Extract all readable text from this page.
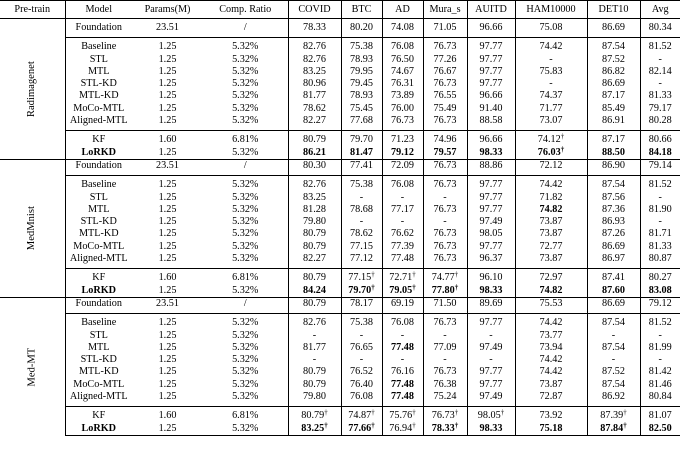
Pre-train	Model	Params(M)	Comp. Ratio	COVID	BTC	AD	Mura_s	AUITD	HAM10000	DET10	Avg
Radimagenet	Foundation	23.51	/	78.33	80.20	74.08	71.05	96.66	75.08	86.69	80.34
	Baseline	1.25	5.32%	82.76	75.38	76.08	76.73	97.77	74.42	87.54	81.52
	STL	1.25	5.32%	82.76	78.93	76.50	77.26	97.77	-	87.52	-
	MTL	1.25	5.32%	83.25	79.95	74.67	76.67	97.77	75.83	86.82	82.14
	STL-KD	1.25	5.32%	80.96	79.45	76.31	76.73	97.77	-	86.69	-
	MTL-KD	1.25	5.32%	81.77	78.93	73.89	76.55	96.66	74.37	87.17	81.33
	MoCo-MTL	1.25	5.32%	78.62	75.45	76.00	75.49	91.40	71.77	85.49	79.17
	Aligned-MTL	1.25	5.32%	82.27	77.68	76.73	76.73	88.58	73.07	86.91	80.28
	KF	1.60	6.81%	80.79	79.70	71.23	74.96	96.66	74.12†	87.17	80.66
	LoRKD	1.25	5.32%	86.21	81.47	79.12	79.57	98.33	76.03†	88.50	84.18
MedMnist	Foundation	23.51	/	80.30	77.41	72.09	76.73	88.86	72.12	86.90	79.14
	Baseline	1.25	5.32%	82.76	75.38	76.08	76.73	97.77	74.42	87.54	81.52
	STL	1.25	5.32%	83.25	-	-	-	97.77	71.82	87.56	-
	MTL	1.25	5.32%	81.28	78.68	77.17	76.73	97.77	74.82	87.36	81.90
	STL-KD	1.25	5.32%	79.80	-	-	-	97.49	73.87	86.93	-
	MTL-KD	1.25	5.32%	80.79	78.62	76.62	76.73	98.05	73.87	87.26	81.71
	MoCo-MTL	1.25	5.32%	80.79	77.15	77.39	76.73	97.77	72.77	86.69	81.33
	Aligned-MTL	1.25	5.32%	82.27	77.12	77.48	76.73	96.37	73.87	86.97	80.87
	KF	1.60	6.81%	80.79	77.15†	72.71†	74.77†	96.10	72.97	87.41	80.27
	LoRKD	1.25	5.32%	84.24	79.70†	79.05†	77.80†	98.33	74.82	87.60	83.08
Med-MT	Foundation	23.51	/	80.79	78.17	69.19	71.50	89.69	75.53	86.69	79.12
	Baseline	1.25	5.32%	82.76	75.38	76.08	76.73	97.77	74.42	87.54	81.52
	STL	1.25	5.32%	-	-	-	-	-	73.77	-	-
	MTL	1.25	5.32%	81.77	76.65	77.48	77.09	97.49	73.94	87.54	81.99
	STL-KD	1.25	5.32%	-	-	-	-	-	74.42	-	-
	MTL-KD	1.25	5.32%	80.79	76.52	76.16	76.73	97.77	74.42	87.52	81.42
	MoCo-MTL	1.25	5.32%	80.79	76.40	77.48	76.38	97.77	73.87	87.54	81.46
	Aligned-MTL	1.25	5.32%	79.80	76.08	77.48	75.24	97.49	72.87	86.92	80.84
	KF	1.60	6.81%	80.79†	74.87†	75.76†	76.73†	98.05†	73.92	87.39†	81.07
	LoRKD	1.25	5.32%	83.25†	77.66†	76.94†	78.33†	98.33	75.18	87.84†	82.50
